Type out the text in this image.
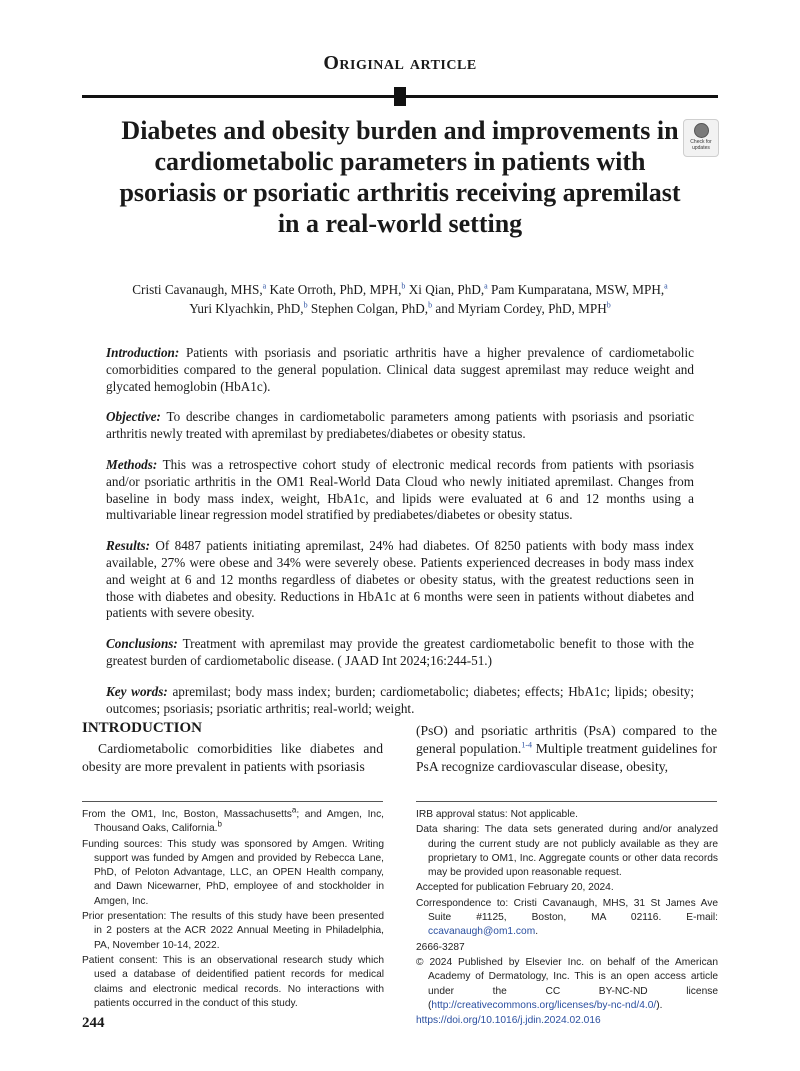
Original article
Check for updates
Diabetes and obesity burden and improvements in cardiometabolic parameters in patients with psoriasis or psoriatic arthritis receiving apremilast in a real-world setting
Cristi Cavanaugh, MHS,$^a$ Kate Orroth, PhD, MPH,$^b$ Xi Qian, PhD,$^a$ Pam Kumparatana, MSW, MPH,$^a$
Yuri Klyachkin, PhD,$^b$ Stephen Colgan, PhD,$^b$ and Myriam Cordey, PhD, MPH$^b$

Introduction: Patients with psoriasis and psoriatic arthritis have a higher prevalence of cardiometabolic comorbidities compared to the general population. Clinical data suggest apremilast may reduce weight and glycated hemoglobin (HbA1c).

Objective: To describe changes in cardiometabolic parameters among patients with psoriasis and psoriatic arthritis newly treated with apremilast by prediabetes/diabetes or obesity status.

Methods: This was a retrospective cohort study of electronic medical records from patients with psoriasis and/or psoriatic arthritis in the OM1 Real-World Data Cloud who newly initiated apremilast. Changes from baseline in body mass index, weight, HbA1c, and lipids were evaluated at 6 and 12 months using a multivariable linear regression model stratified by prediabetes/diabetes or obesity status.

Results: Of 8487 patients initiating apremilast, 24% had diabetes. Of 8250 patients with body mass index available, 27% were obese and 34% were severely obese. Patients experienced decreases in body mass index and weight at 6 and 12 months regardless of diabetes or obesity status, with the greatest reductions seen in those with diabetes and obesity. Reductions in HbA1c at 6 months were seen in patients without diabetes and patients with severe obesity.

Conclusions: Treatment with apremilast may provide the greatest cardiometabolic benefit to those with the greatest burden of cardiometabolic disease. ( JAAD Int 2024;16:244-51.)

Key words: apremilast; body mass index; burden; cardiometabolic; diabetes; effects; HbA1c; lipids; obesity; outcomes; psoriasis; psoriatic arthritis; real-world; weight.

INTRODUCTION

Cardiometabolic comorbidities like diabetes and obesity are more prevalent in patients with psoriasis

(PsO) and psoriatic arthritis (PsA) compared to the general population.$^{1-4}$ Multiple treatment guidelines for PsA recognize cardiovascular disease, obesity,

From the OM1, Inc, Boston, Massachusetts$^a$; and Amgen, Inc, Thousand Oaks, California.$^b$

Funding sources: This study was sponsored by Amgen. Writing support was funded by Amgen and provided by Rebecca Lane, PhD, of Peloton Advantage, LLC, an OPEN Health company, and Dawn Nicewarner, PhD, employee of and stockholder in Amgen, Inc.

Prior presentation: The results of this study have been presented in 2 posters at the ACR 2022 Annual Meeting in Philadelphia, PA, November 10-14, 2022.

Patient consent: This is an observational research study which used a database of deidentified patient records for medical claims and electronic medical records. No interactions with patients occurred in the conduct of this study.

IRB approval status: Not applicable.

Data sharing: The data sets generated during and/or analyzed during the current study are not publicly available as they are proprietary to OM1, Inc. Aggregate counts or other data records may be provided upon reasonable request.

Accepted for publication February 20, 2024.

Correspondence to: Cristi Cavanaugh, MHS, 31 St James Ave Suite #1125, Boston, MA 02116. E-mail: ccavanaugh@om1.com.

2666-3287

© 2024 Published by Elsevier Inc. on behalf of the American Academy of Dermatology, Inc. This is an open access article under the CC BY-NC-ND license (http://creativecommons.org/licenses/by-nc-nd/4.0/).

https://doi.org/10.1016/j.jdin.2024.02.016

244
